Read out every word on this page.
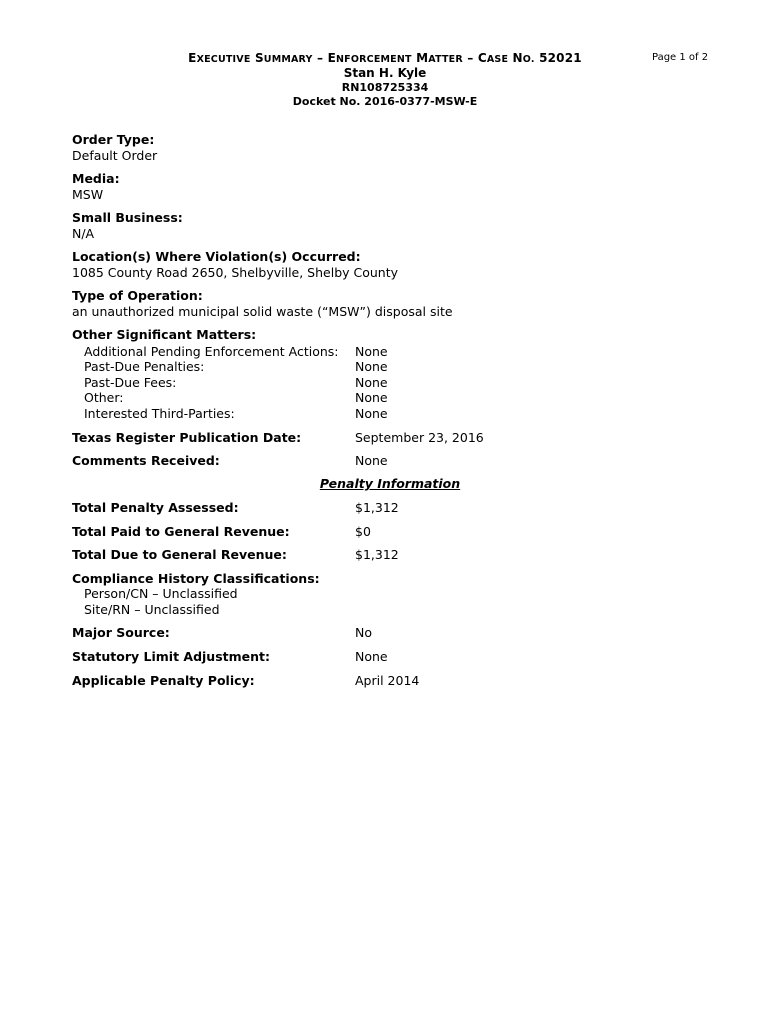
EXECUTIVE SUMMARY – ENFORCEMENT MATTER – CASE NO. 52021
Stan H. Kyle
RN108725334
Docket No. 2016-0377-MSW-E
Page 1 of 2
Order Type:
Default Order
Media:
MSW
Small Business:
N/A
Location(s) Where Violation(s) Occurred:
1085 County Road 2650, Shelbyville, Shelby County
Type of Operation:
an unauthorized municipal solid waste (“MSW”) disposal site
Other Significant Matters:
Additional Pending Enforcement Actions: None
Past-Due Penalties:	None
Past-Due Fees:	None
Other:	None
Interested Third-Parties:	None
Texas Register Publication Date:	September 23, 2016
Comments Received:	None
Penalty Information
Total Penalty Assessed:	$1,312
Total Paid to General Revenue:	$0
Total Due to General Revenue:	$1,312
Compliance History Classifications:
Person/CN – Unclassified
Site/RN – Unclassified
Major Source:	No
Statutory Limit Adjustment:	None
Applicable Penalty Policy:	April 2014
